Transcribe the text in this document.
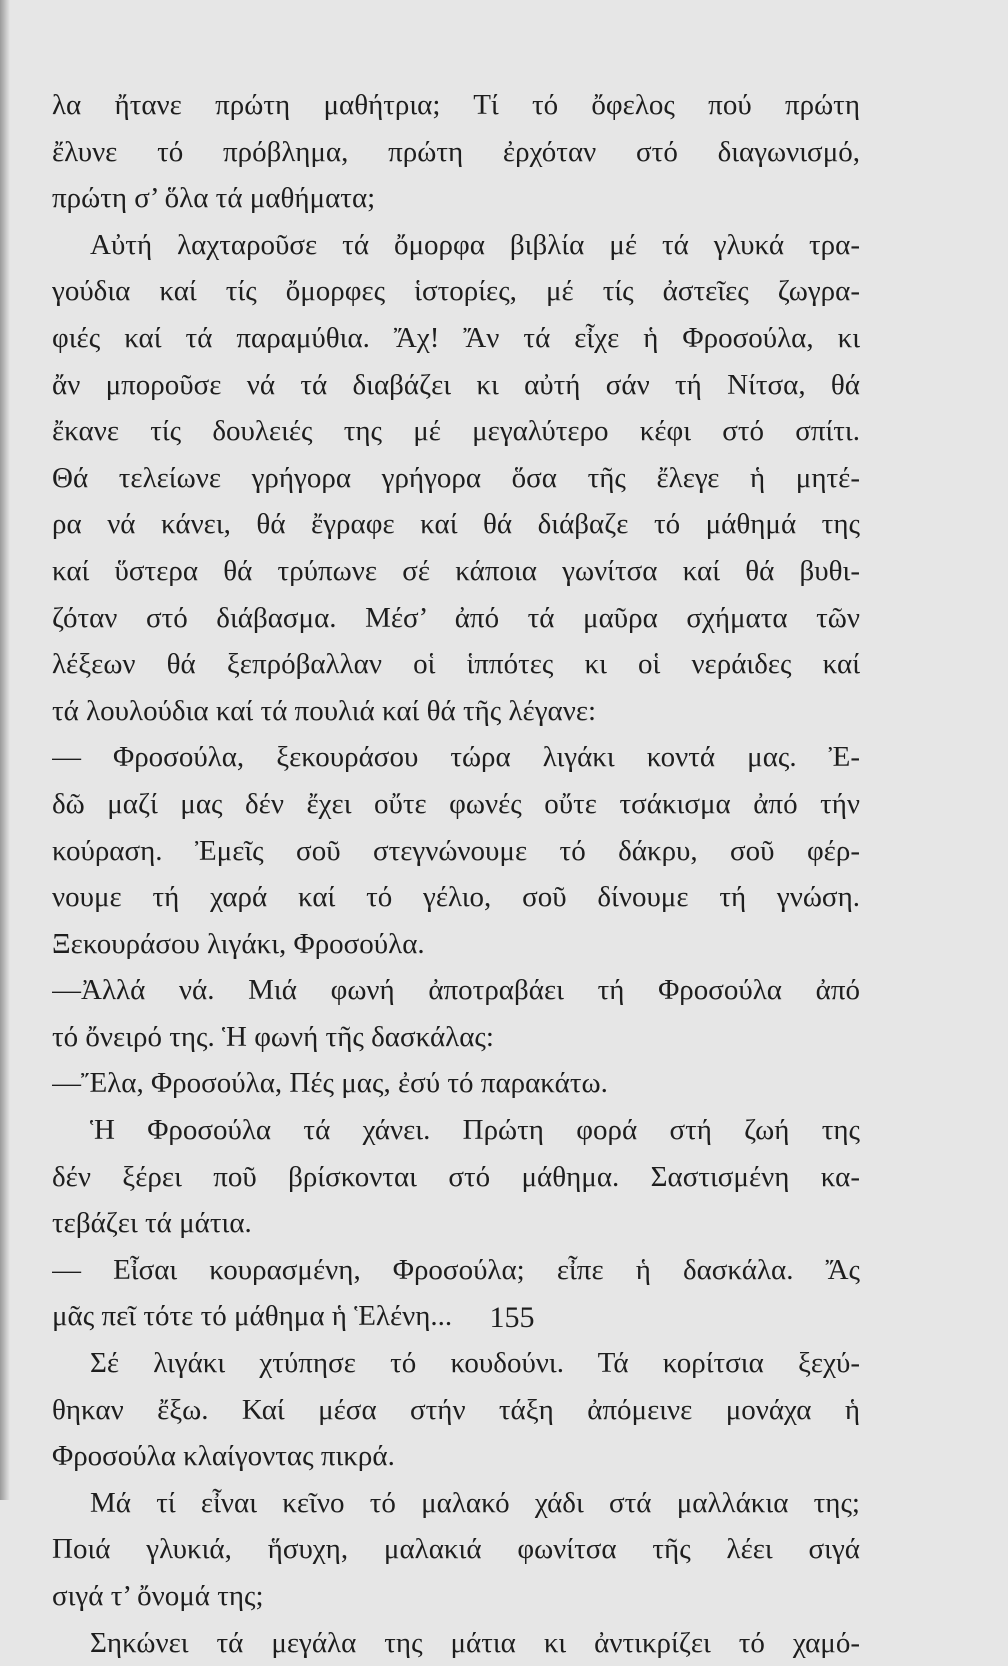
λα ἤτανε πρώτη μαθήτρια; Τί τό ὄφελος πού πρώτη
ἔλυνε τό πρόβλημα, πρώτη ἐρχόταν στό διαγωνισμό,
πρώτη σ’ ὅλα τά μαθήματα;
Αὐτή λαχταροῦσε τά ὄμορφα βιβλία μέ τά γλυκά τρα-
γούδια καί τίς ὄμορφες ἱστορίες, μέ τίς ἀστεῖες ζωγρα-
φιές καί τά παραμύθια. Ἄχ! Ἄν τά εἶχε ἡ Φροσούλα, κι
ἄν μποροῦσε νά τά διαβάζει κι αὐτή σάν τή Νίτσα, θά
ἔκανε τίς δουλειές της μέ μεγαλύτερο κέφι στό σπίτι.
Θά τελείωνε γρήγορα γρήγορα ὅσα τῆς ἔλεγε ἡ μητέ-
ρα νά κάνει, θά ἔγραφε καί θά διάβαζε τό μάθημά της
καί ὕστερα θά τρύπωνε σέ κάποια γωνίτσα καί θά βυθι-
ζόταν στό διάβασμα. Μέσ’ ἀπό τά μαῦρα σχήματα τῶν
λέξεων θά ξεπρόβαλλαν οἱ ἱππότες κι οἱ νεράιδες καί
τά λουλούδια καί τά πουλιά καί θά τῆς λέγανε:
— Φροσούλα, ξεκουράσου τώρα λιγάκι κοντά μας. Ἐ-
δῶ μαζί μας δέν ἔχει οὔτε φωνές οὔτε τσάκισμα ἀπό τήν
κούραση. Ἐμεῖς σοῦ στεγνώνουμε τό δάκρυ, σοῦ φέρ-
νουμε τή χαρά καί τό γέλιο, σοῦ δίνουμε τή γνώση.
Ξεκουράσου λιγάκι, Φροσούλα.
—Ἀλλά νά. Μιά φωνή ἀποτραβάει τή Φροσούλα ἀπό
τό ὄνειρό της. Ἡ φωνή τῆς δασκάλας:
—Ἔλα, Φροσούλα, Πές μας, ἐσύ τό παρακάτω.
Ἡ Φροσούλα τά χάνει. Πρώτη φορά στή ζωή της
δέν ξέρει ποῦ βρίσκονται στό μάθημα. Σαστισμένη κα-
τεβάζει τά μάτια.
— Εἶσαι κουρασμένη, Φροσούλα; εἶπε ἡ δασκάλα. Ἄς
μᾶς πεῖ τότε τό μάθημα ἡ Ἑλένη...
Σέ λιγάκι χτύπησε τό κουδούνι. Τά κορίτσια ξεχύ-
θηκαν ἔξω. Καί μέσα στήν τάξη ἀπόμεινε μονάχα ἡ
Φροσούλα κλαίγοντας πικρά.
Μά τί εἶναι κεῖνο τό μαλακό χάδι στά μαλλάκια της;
Ποιά γλυκιά, ἥσυχη, μαλακιά φωνίτσα τῆς λέει σιγά
σιγά τ’ ὄνομά της;
Σηκώνει τά μεγάλα της μάτια κι ἀντικρίζει τό χαμό-
155
